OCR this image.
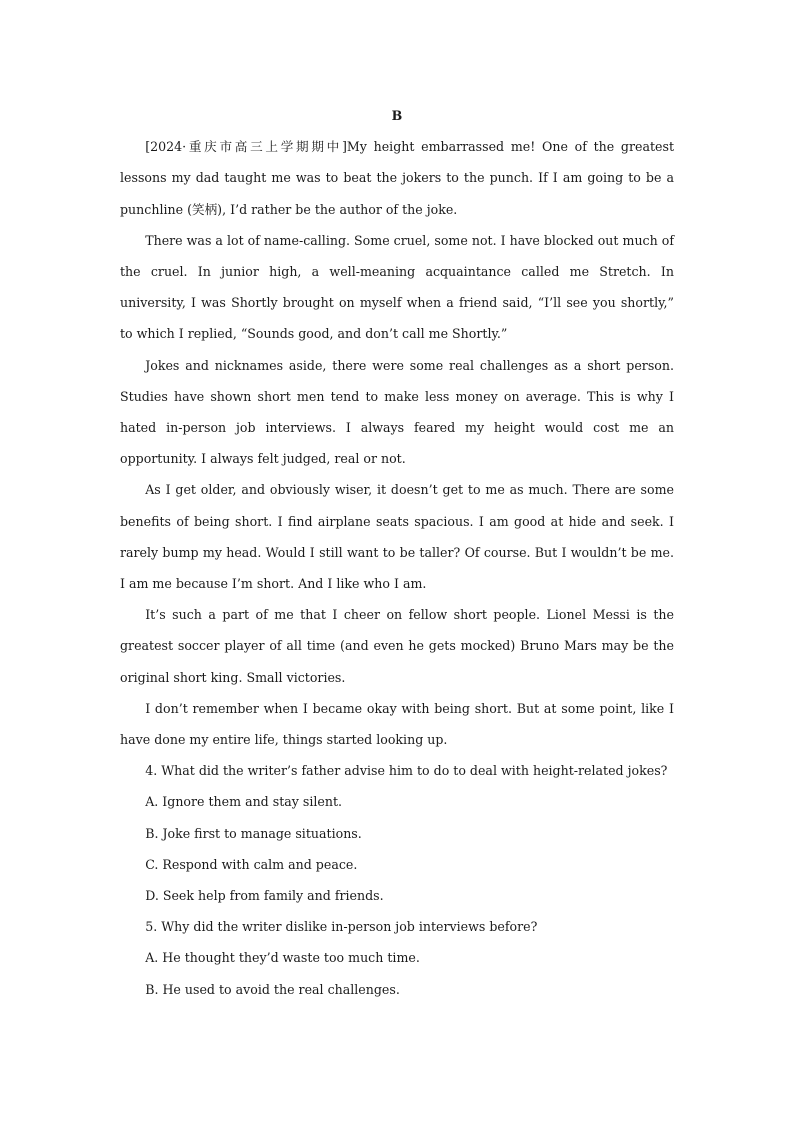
B

[2024·重庆市高三上学期期中]My height embarrassed me! One of the greatest lessons my dad taught me was to beat the jokers to the punch. If I am going to be a punchline (笑柄), I’d rather be the author of the joke.

There was a lot of name-calling. Some cruel, some not. I have blocked out much of the cruel. In junior high, a well-meaning acquaintance called me Stretch. In university, I was Shortly brought on myself when a friend said, “I’ll see you shortly,” to which I replied, “Sounds good, and don’t call me Shortly.”

Jokes and nicknames aside, there were some real challenges as a short person. Studies have shown short men tend to make less money on average. This is why I hated in-person job interviews. I always feared my height would cost me an opportunity. I always felt judged, real or not.

As I get older, and obviously wiser, it doesn’t get to me as much. There are some benefits of being short. I find airplane seats spacious. I am good at hide and seek. I rarely bump my head. Would I still want to be taller? Of course. But I wouldn’t be me. I am me because I’m short. And I like who I am.

It’s such a part of me that I cheer on fellow short people. Lionel Messi is the greatest soccer player of all time (and even he gets mocked) Bruno Mars may be the original short king. Small victories.

I don’t remember when I became okay with being short. But at some point, like I have done my entire life, things started looking up.

4. What did the writer’s father advise him to do to deal with height-related jokes?

A. Ignore them and stay silent.

B. Joke first to manage situations.

C. Respond with calm and peace.

D. Seek help from family and friends.

5. Why did the writer dislike in-person job interviews before?

A. He thought they’d waste too much time.

B. He used to avoid the real challenges.
